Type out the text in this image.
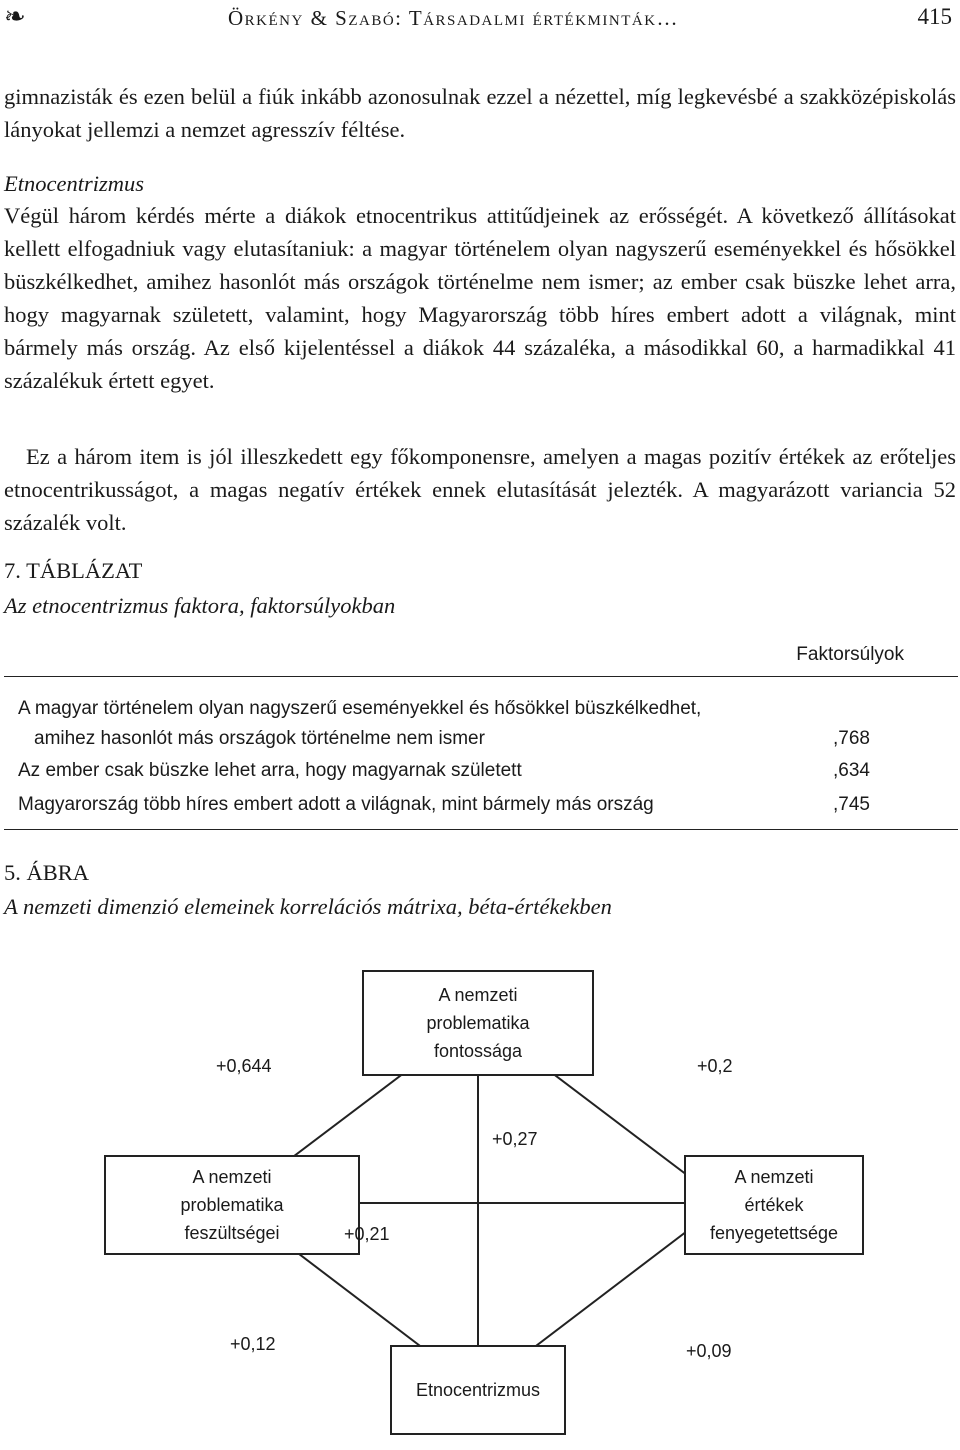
❧	Örkény & Szabó: Társadalmi értékminták…	415
gimnazisták és ezen belül a fiúk inkább azonosulnak ezzel a nézettel, míg legkevésbé a szakközépiskolás lányokat jellemzi a nemzet agresszív féltése.
Etnocentrizmus
Végül három kérdés mérte a diákok etnocentrikus attitűdjeinek az erősségét. A következő állításokat kellett elfogadniuk vagy elutasítaniuk: a magyar történelem olyan nagyszerű eseményekkel és hősökkel büszkélkedhet, amihez hasonlót más országok történelme nem ismer; az ember csak büszke lehet arra, hogy magyarnak született, valamint, hogy Magyarország több híres embert adott a világnak, mint bármely más ország. Az első kijelentéssel a diákok 44 százaléka, a másodikkal 60, a harmadikkal 41 százalékuk értett egyet.
Ez a három item is jól illeszkedett egy főkomponensre, amelyen a magas pozitív értékek az erőteljes etnocentrikusságot, a magas negatív értékek ennek elutasítását jelezték. A magyarázott variancia 52 százalék volt.
7. TÁBLÁZAT
Az etnocentrizmus faktora, faktorsúlyokban
Faktorsúlyok
A magyar történelem olyan nagyszerű eseményekkel és hősökkel büszkélkedhet,
amihez hasonlót más országok történelme nem ismer	,768
Az ember csak büszke lehet arra, hogy magyarnak született	,634
Magyarország több híres embert adott a világnak, mint bármely más ország	,745
5. ÁBRA
A nemzeti dimenzió elemeinek korrelációs mátrixa, béta-értékekben
A nemzeti
problematika
fontossága
A nemzeti
problematika
feszültségei
A nemzeti
értékek
fenyegetettsége
Etnocentrizmus
+0,644	+0,2
+0,27
+0,21
+0,12	+0,09
